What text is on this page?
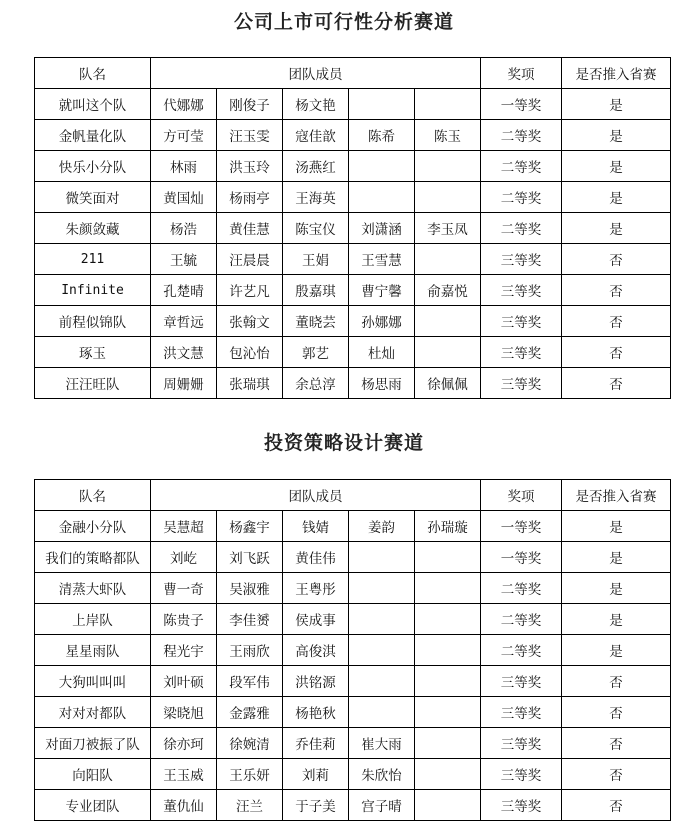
公司上市可行性分析赛道
队名	团队成员					奖项	是否推入省赛
就叫这个队	代娜娜	刚俊子	杨文艳			一等奖	是
金帆量化队	方可莹	汪玉雯	寇佳歆	陈希	陈玉	二等奖	是
快乐小分队	林雨	洪玉玲	汤燕红			二等奖	是
微笑面对	黄国灿	杨雨亭	王海英			二等奖	是
朱颜敛藏	杨浩	黄佳慧	陈宝仪	刘潇涵	李玉凤	二等奖	是
211	王毓	汪晨晨	王娟	王雪慧		三等奖	否
Infinite	孔楚晴	许艺凡	殷嘉琪	曹宁馨	俞嘉悦	三等奖	否
前程似锦队	章哲远	张翰文	董晓芸	孙娜娜		三等奖	否
琢玉	洪文慧	包沁怡	郭艺	杜灿		三等奖	否
汪汪旺队	周姗姗	张瑞琪	余总淳	杨思雨	徐佩佩	三等奖	否
投资策略设计赛道
队名	团队成员					奖项	是否推入省赛
金融小分队	吴慧超	杨鑫宇	钱婧	姜韵	孙瑞璇	一等奖	是
我们的策略都队	刘屹	刘飞跃	黄佳伟			一等奖	是
清蒸大虾队	曹一奇	吴淑雅	王粤彤			二等奖	是
上岸队	陈贵子	李佳赟	侯成事			二等奖	是
星星雨队	程光宇	王雨欣	高俊淇			二等奖	是
大狗叫叫叫	刘叶硕	段军伟	洪铭源			三等奖	否
对对对都队	梁晓旭	金露雅	杨艳秋			三等奖	否
对面刀被振了队	徐亦珂	徐婉清	乔佳莉	崔大雨		三等奖	否
向阳队	王玉威	王乐妍	刘莉	朱欣怡		三等奖	否
专业团队	董仇仙	汪兰	于子美	宫子晴		三等奖	否
